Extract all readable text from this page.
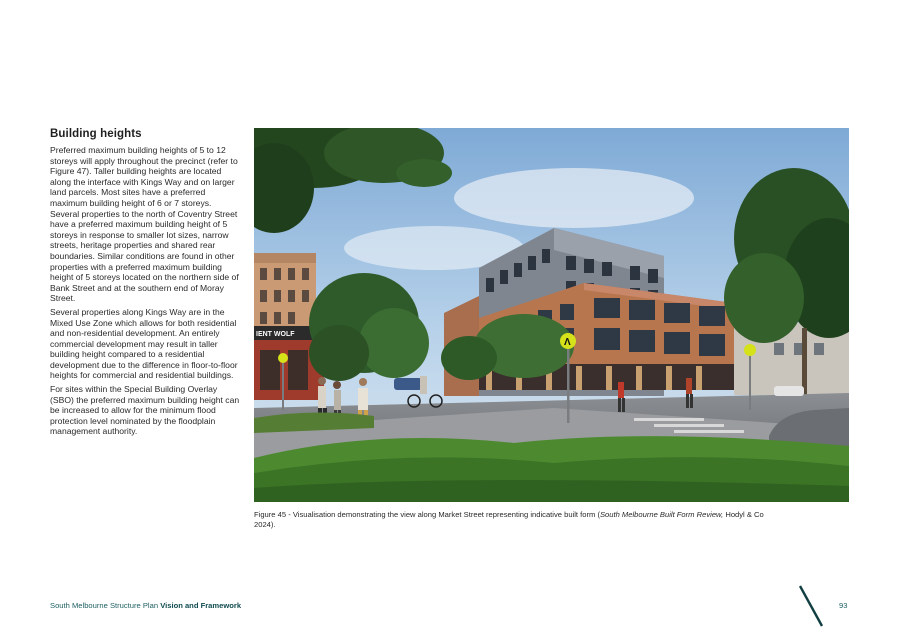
Building heights

Preferred maximum building heights of 5 to 12 storeys will apply throughout the precinct (refer to Figure 47). Taller building heights are located along the interface with Kings Way and on larger land parcels. Most sites have a preferred maximum building height of 6 or 7 storeys. Several properties to the north of Coventry Street have a preferred maximum building height of 5 storeys in response to smaller lot sizes, narrow streets, heritage properties and shared rear boundaries. Similar conditions are found in other properties with a preferred maximum building height of 5 storeys located on the northern side of Bank Street and at the southern end of Moray Street.

Several properties along Kings Way are in the Mixed Use Zone which allows for both residential and non-residential development. An entirely commercial development may result in taller building height compared to a residential development due to the difference in floor-to-floor heights for commercial and residential buildings.

For sites within the Special Building Overlay (SBO) the preferred maximum building height can be increased to allow for the minimum flood protection level nominated by the floodplain management authority.

IENT WOLF
Λ
Figure 45 - Visualisation demonstrating the view along Market Street representing indicative built form (South Melbourne Built Form Review, Hodyl & Co 2024).
South Melbourne Structure Plan Vision and Framework	93
